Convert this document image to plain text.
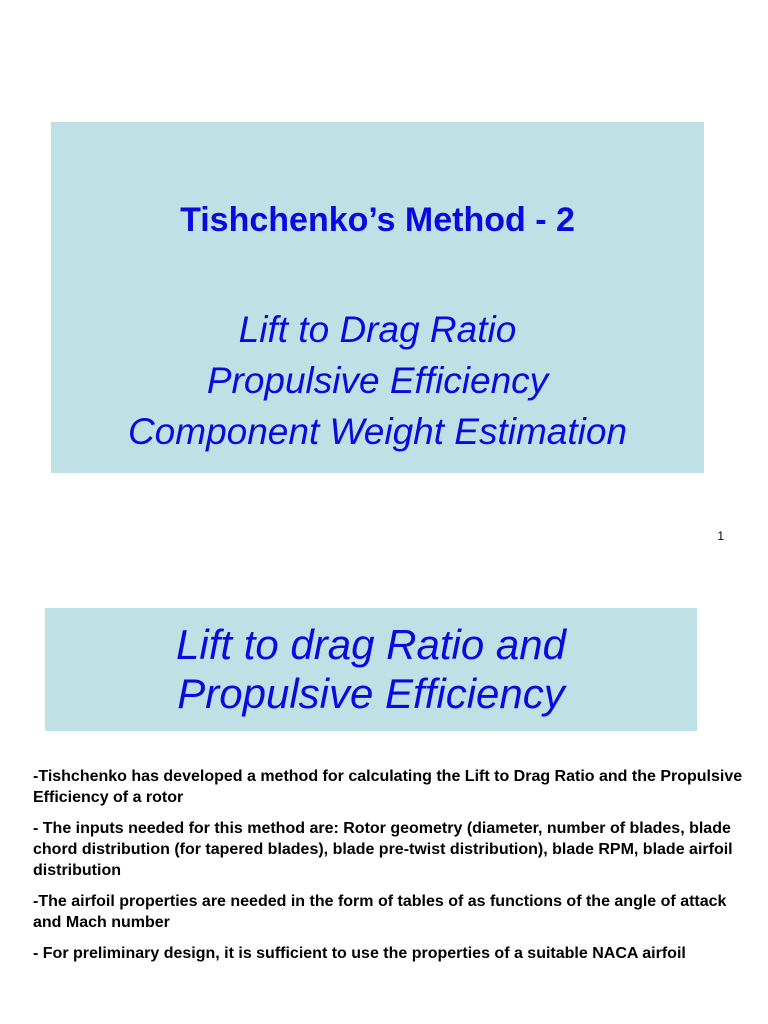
Tishchenko’s Method - 2
Lift to Drag Ratio
Propulsive Efficiency
Component Weight Estimation
1
Lift to drag Ratio and
Propulsive Efficiency

-Tishchenko has developed a method for calculating the Lift to Drag Ratio and the Propulsive Efficiency of a rotor

- The inputs needed for this method are: Rotor geometry (diameter, number of blades, blade chord distribution (for tapered blades), blade pre-twist distribution), blade RPM, blade airfoil distribution

-The airfoil properties are needed in the form of tables of as functions of the angle of attack and Mach number

- For preliminary design, it is sufficient to use the properties of a suitable NACA airfoil
